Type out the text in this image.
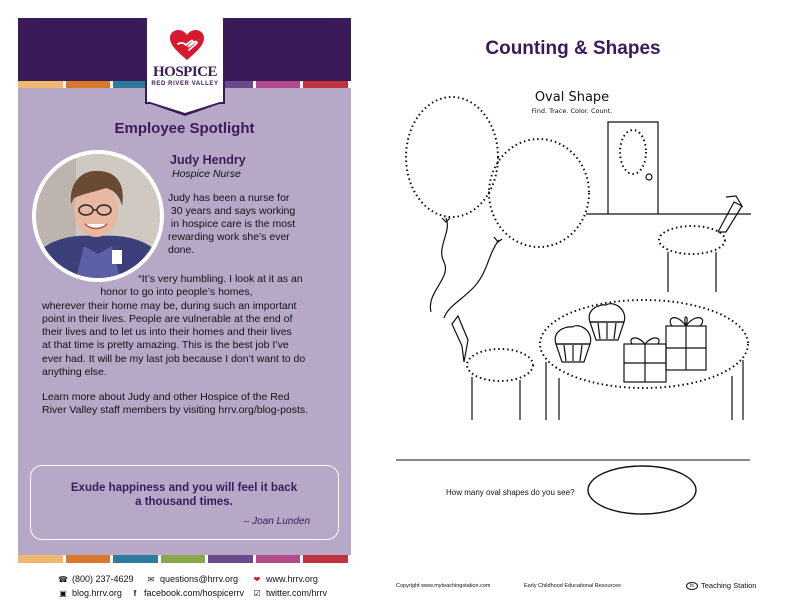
HOSPICE
RED RIVER VALLEY
Employee Spotlight
Judy Hendry
Hospice Nurse
Judy has been a nurse for
30 years and says working
in hospice care is the most
rewarding work she’s ever
done.
“It’s very humbling. I look at it as an
honor to go into people’s homes,
wherever their home may be, during such an important
point in their lives. People are vulnerable at the end of
their lives and to let us into their homes and their lives
at that time is pretty amazing. This is the best job I’ve
ever had. It will be my last job because I don’t want to do
anything else.
Learn more about Judy and other Hospice of the Red
River Valley staff members by visiting hrrv.org/blog-posts.
Exude happiness and you will feel it back
a thousand times.
– Joan Lunden
☎ (800) 237-4629 ✉ questions@hrrv.org ❤ www.hrrv.org
▣ blog.hrrv.org	f facebook.com/hospicerrv ☑ twitter.com/hrrv
Counting & Shapes
Oval Shape
Find. Trace. Color. Count.
How many oval shapes do you see?
Copyright www.myteachingstation.com	Early Childhood Educational Resources	ts Teaching Station
